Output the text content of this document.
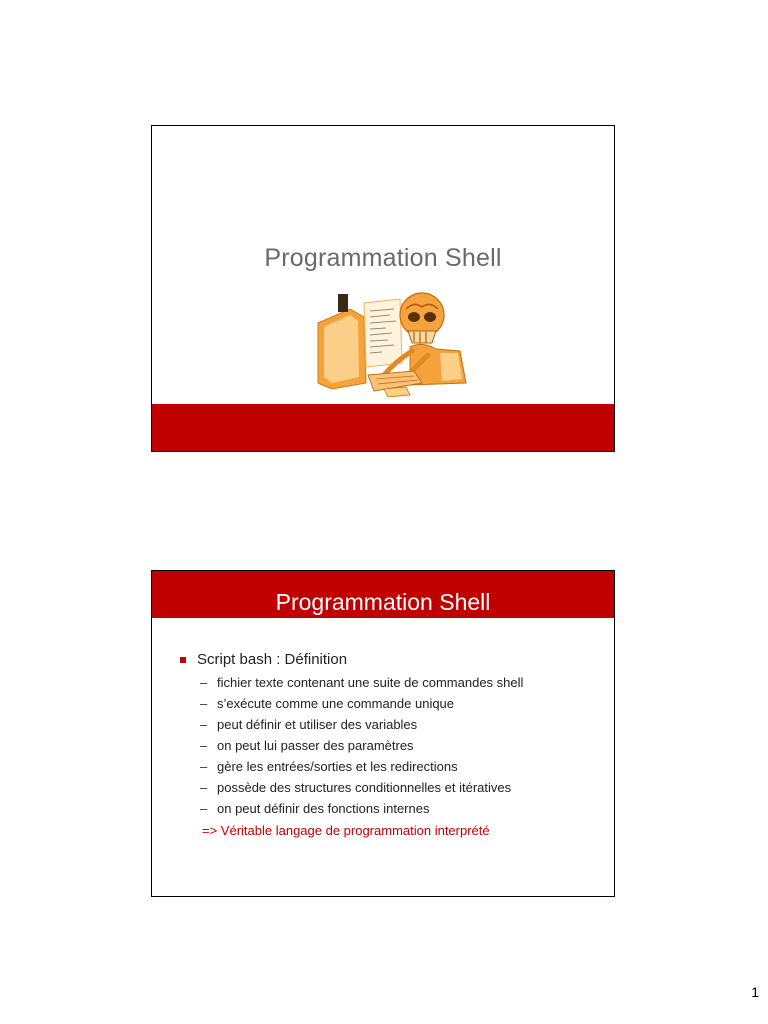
Programmation Shell
Programmation Shell
Script bash : Définition
– fichier texte contenant une suite de commandes shell
– s’exécute comme une commande unique
– peut définir et utiliser des variables
– on peut lui passer des paramètres
– gère les entrées/sorties et les redirections
– possède des structures conditionnelles et itératives
– on peut définir des fonctions internes
=> Véritable langage de programmation interprété
1
